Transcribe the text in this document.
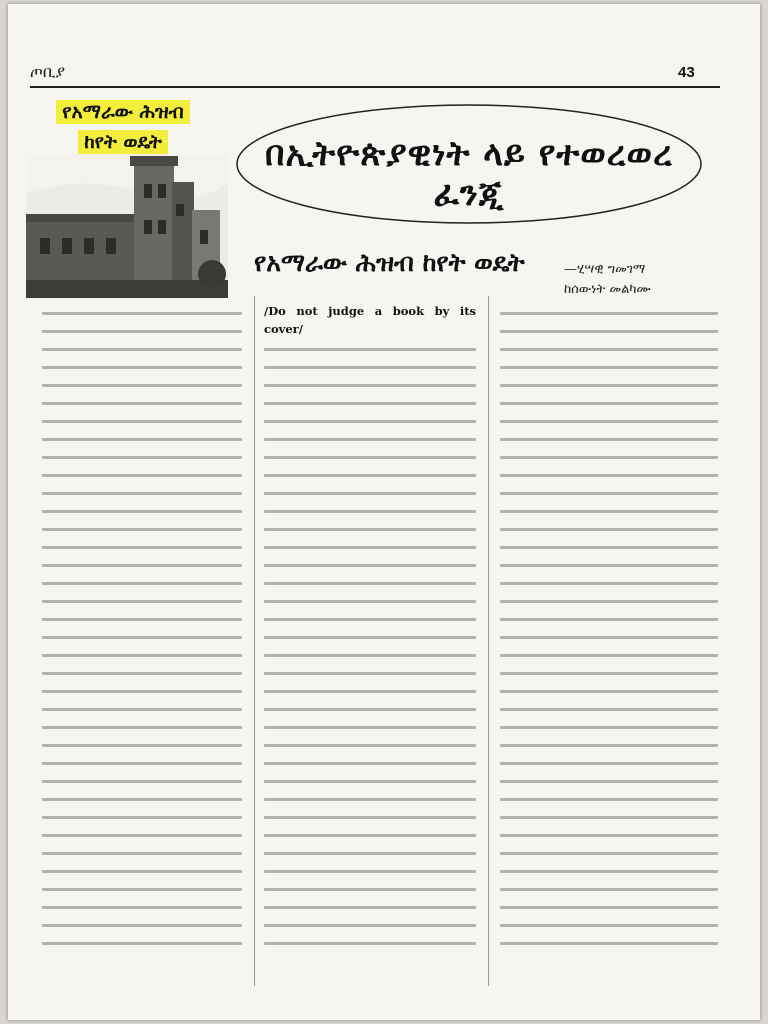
ጦቢያ	43
የአማራው ሕዝብ
ከየት ወዴት	በኢትዮጵያዊነት ላይ የተወረወረ ፈንጂ
የአማራው ሕዝብ ከየት ወዴት	—ሂሣዊ ግመገማ
ከሰውነት መልካሙ
/Do not judge a book by its cover/
